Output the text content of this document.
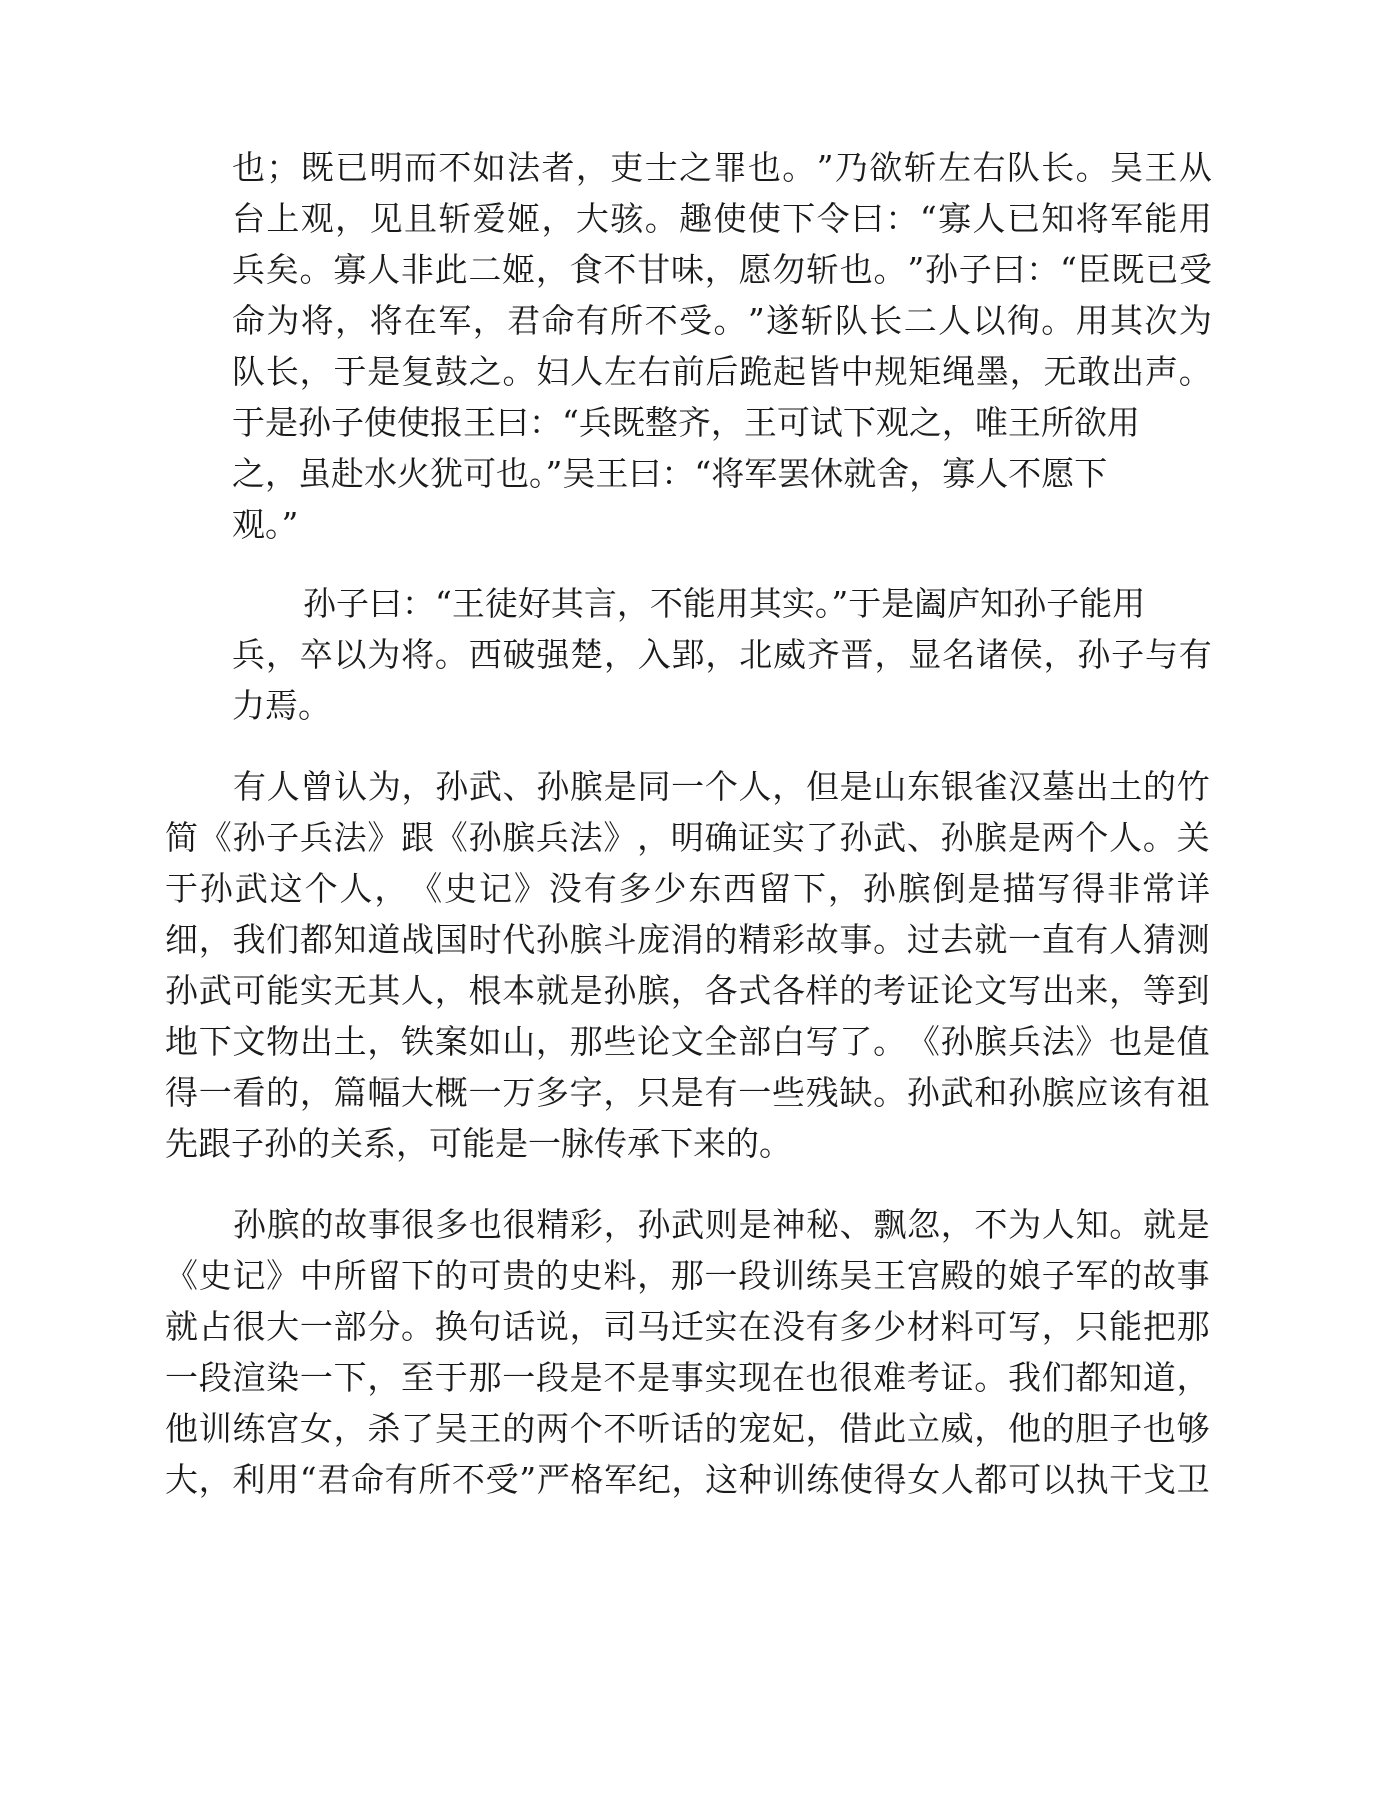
也 ； 既 已 明 而 不 如 法 者 ， 吏 士 之 罪 也 。 ” 乃 欲 斩 左 右 队 长 。 吴 王 从
台 上 观 ， 见 且 斩 爱 姬 ， 大 骇 。 趣 使 使 下 令 曰 ： “ 寡 人 已 知 将 军 能 用
兵 矣 。 寡 人 非 此 二 姬 ， 食 不 甘 味 ， 愿 勿 斩 也 。 ” 孙 子 曰 ： “ 臣 既 已 受
命 为 将 ， 将 在 军 ， 君 命 有 所 不 受 。 ” 遂 斩 队 长 二 人 以 徇 。 用 其 次 为
队 长 ， 于 是 复 鼓 之 。 妇 人 左 右 前 后 跪 起 皆 中 规 矩 绳 墨 ， 无 敢 出 声 。
于是孙子使使报王曰：“兵既整齐，王可试下观之，唯王所欲用
之，虽赴水火犹可也。”吴王曰：“将军罢休就舍，寡人不愿下
观。”
孙子曰：“王徒好其言，不能用其实。”于是阖庐知孙子能用
兵 ， 卒 以 为 将 。 西 破 强 楚 ， 入 郢 ， 北 威 齐 晋 ， 显 名 诸 侯 ， 孙 子 与 有
力焉。
有 人 曾 认 为 ， 孙 武 、 孙 膑 是 同 一 个 人 ， 但 是 山 东 银 雀 汉 墓 出 土 的 竹
简 《 孙 子 兵 法 》 跟 《 孙 膑 兵 法 》 ， 明 确 证 实 了 孙 武 、 孙 膑 是 两 个 人 。 关
于 孙 武 这 个 人 ， 《 史 记 》 没 有 多 少 东 西 留 下 ， 孙 膑 倒 是 描 写 得 非 常 详
细 ， 我 们 都 知 道 战 国 时 代 孙 膑 斗 庞 涓 的 精 彩 故 事 。 过 去 就 一 直 有 人 猜 测
孙 武 可 能 实 无 其 人 ， 根 本 就 是 孙 膑 ， 各 式 各 样 的 考 证 论 文 写 出 来 ， 等 到
地 下 文 物 出 土 ， 铁 案 如 山 ， 那 些 论 文 全 部 白 写 了 。 《 孙 膑 兵 法 》 也 是 值
得 一 看 的 ， 篇 幅 大 概 一 万 多 字 ， 只 是 有 一 些 残 缺 。 孙 武 和 孙 膑 应 该 有 祖
先跟子孙的关系，可能是一脉传承下来的。
孙 膑 的 故 事 很 多 也 很 精 彩 ， 孙 武 则 是 神 秘 、 飘 忽 ， 不 为 人 知 。 就 是
《 史 记 》 中 所 留 下 的 可 贵 的 史 料 ， 那 一 段 训 练 吴 王 宫 殿 的 娘 子 军 的 故 事
就 占 很 大 一 部 分 。 换 句 话 说 ， 司 马 迁 实 在 没 有 多 少 材 料 可 写 ， 只 能 把 那
一 段 渲 染 一 下 ， 至 于 那 一 段 是 不 是 事 实 现 在 也 很 难 考 证 。 我 们 都 知 道 ，
他 训 练 宫 女 ， 杀 了 吴 王 的 两 个 不 听 话 的 宠 妃 ， 借 此 立 威 ， 他 的 胆 子 也 够
大 ， 利 用 “ 君 命 有 所 不 受 ” 严 格 军 纪 ， 这 种 训 练 使 得 女 人 都 可 以 执 干 戈 卫
